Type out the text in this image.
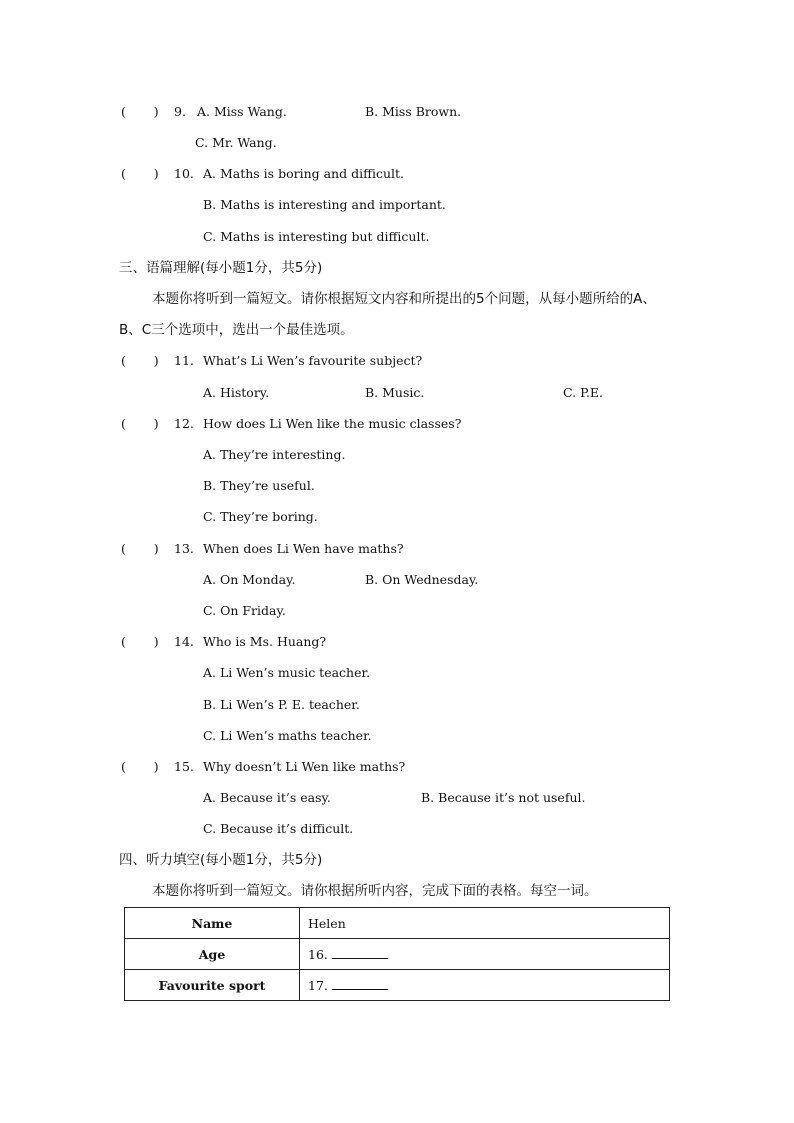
(       ) 9. A. Miss Wang.	B. Miss Brown.
C. Mr. Wang.
(       ) 10. A. Maths is boring and difficult.
B. Maths is interesting and important.
C. Maths is interesting but difficult.
三、语篇理解(每小题1分，共5分)
本题你将听到一篇短文。请你根据短文内容和所提出的5个问题，从每小题所给的A、
B、C三个选项中，选出一个最佳选项。
(       ) 11. What’s Li Wen’s favourite subject?
A. History.	B. Music.	C. P.E.
(       ) 12. How does Li Wen like the music classes?
A. They’re interesting.
B. They’re useful.
C. They’re boring.
(       ) 13. When does Li Wen have maths?
A. On Monday.	B. On Wednesday.
C. On Friday.
(       ) 14. Who is Ms. Huang?
A. Li Wen’s music teacher.
B. Li Wen’s P. E. teacher.
C. Li Wen’s maths teacher.
(       ) 15. Why doesn’t Li Wen like maths?
A. Because it’s easy.	B. Because it’s not useful.
C. Because it’s difficult.
四、听力填空(每小题1分，共5分)
本题你将听到一篇短文。请你根据所听内容，完成下面的表格。每空一词。
Name	Helen
Age	16.
Favourite sport	17.
